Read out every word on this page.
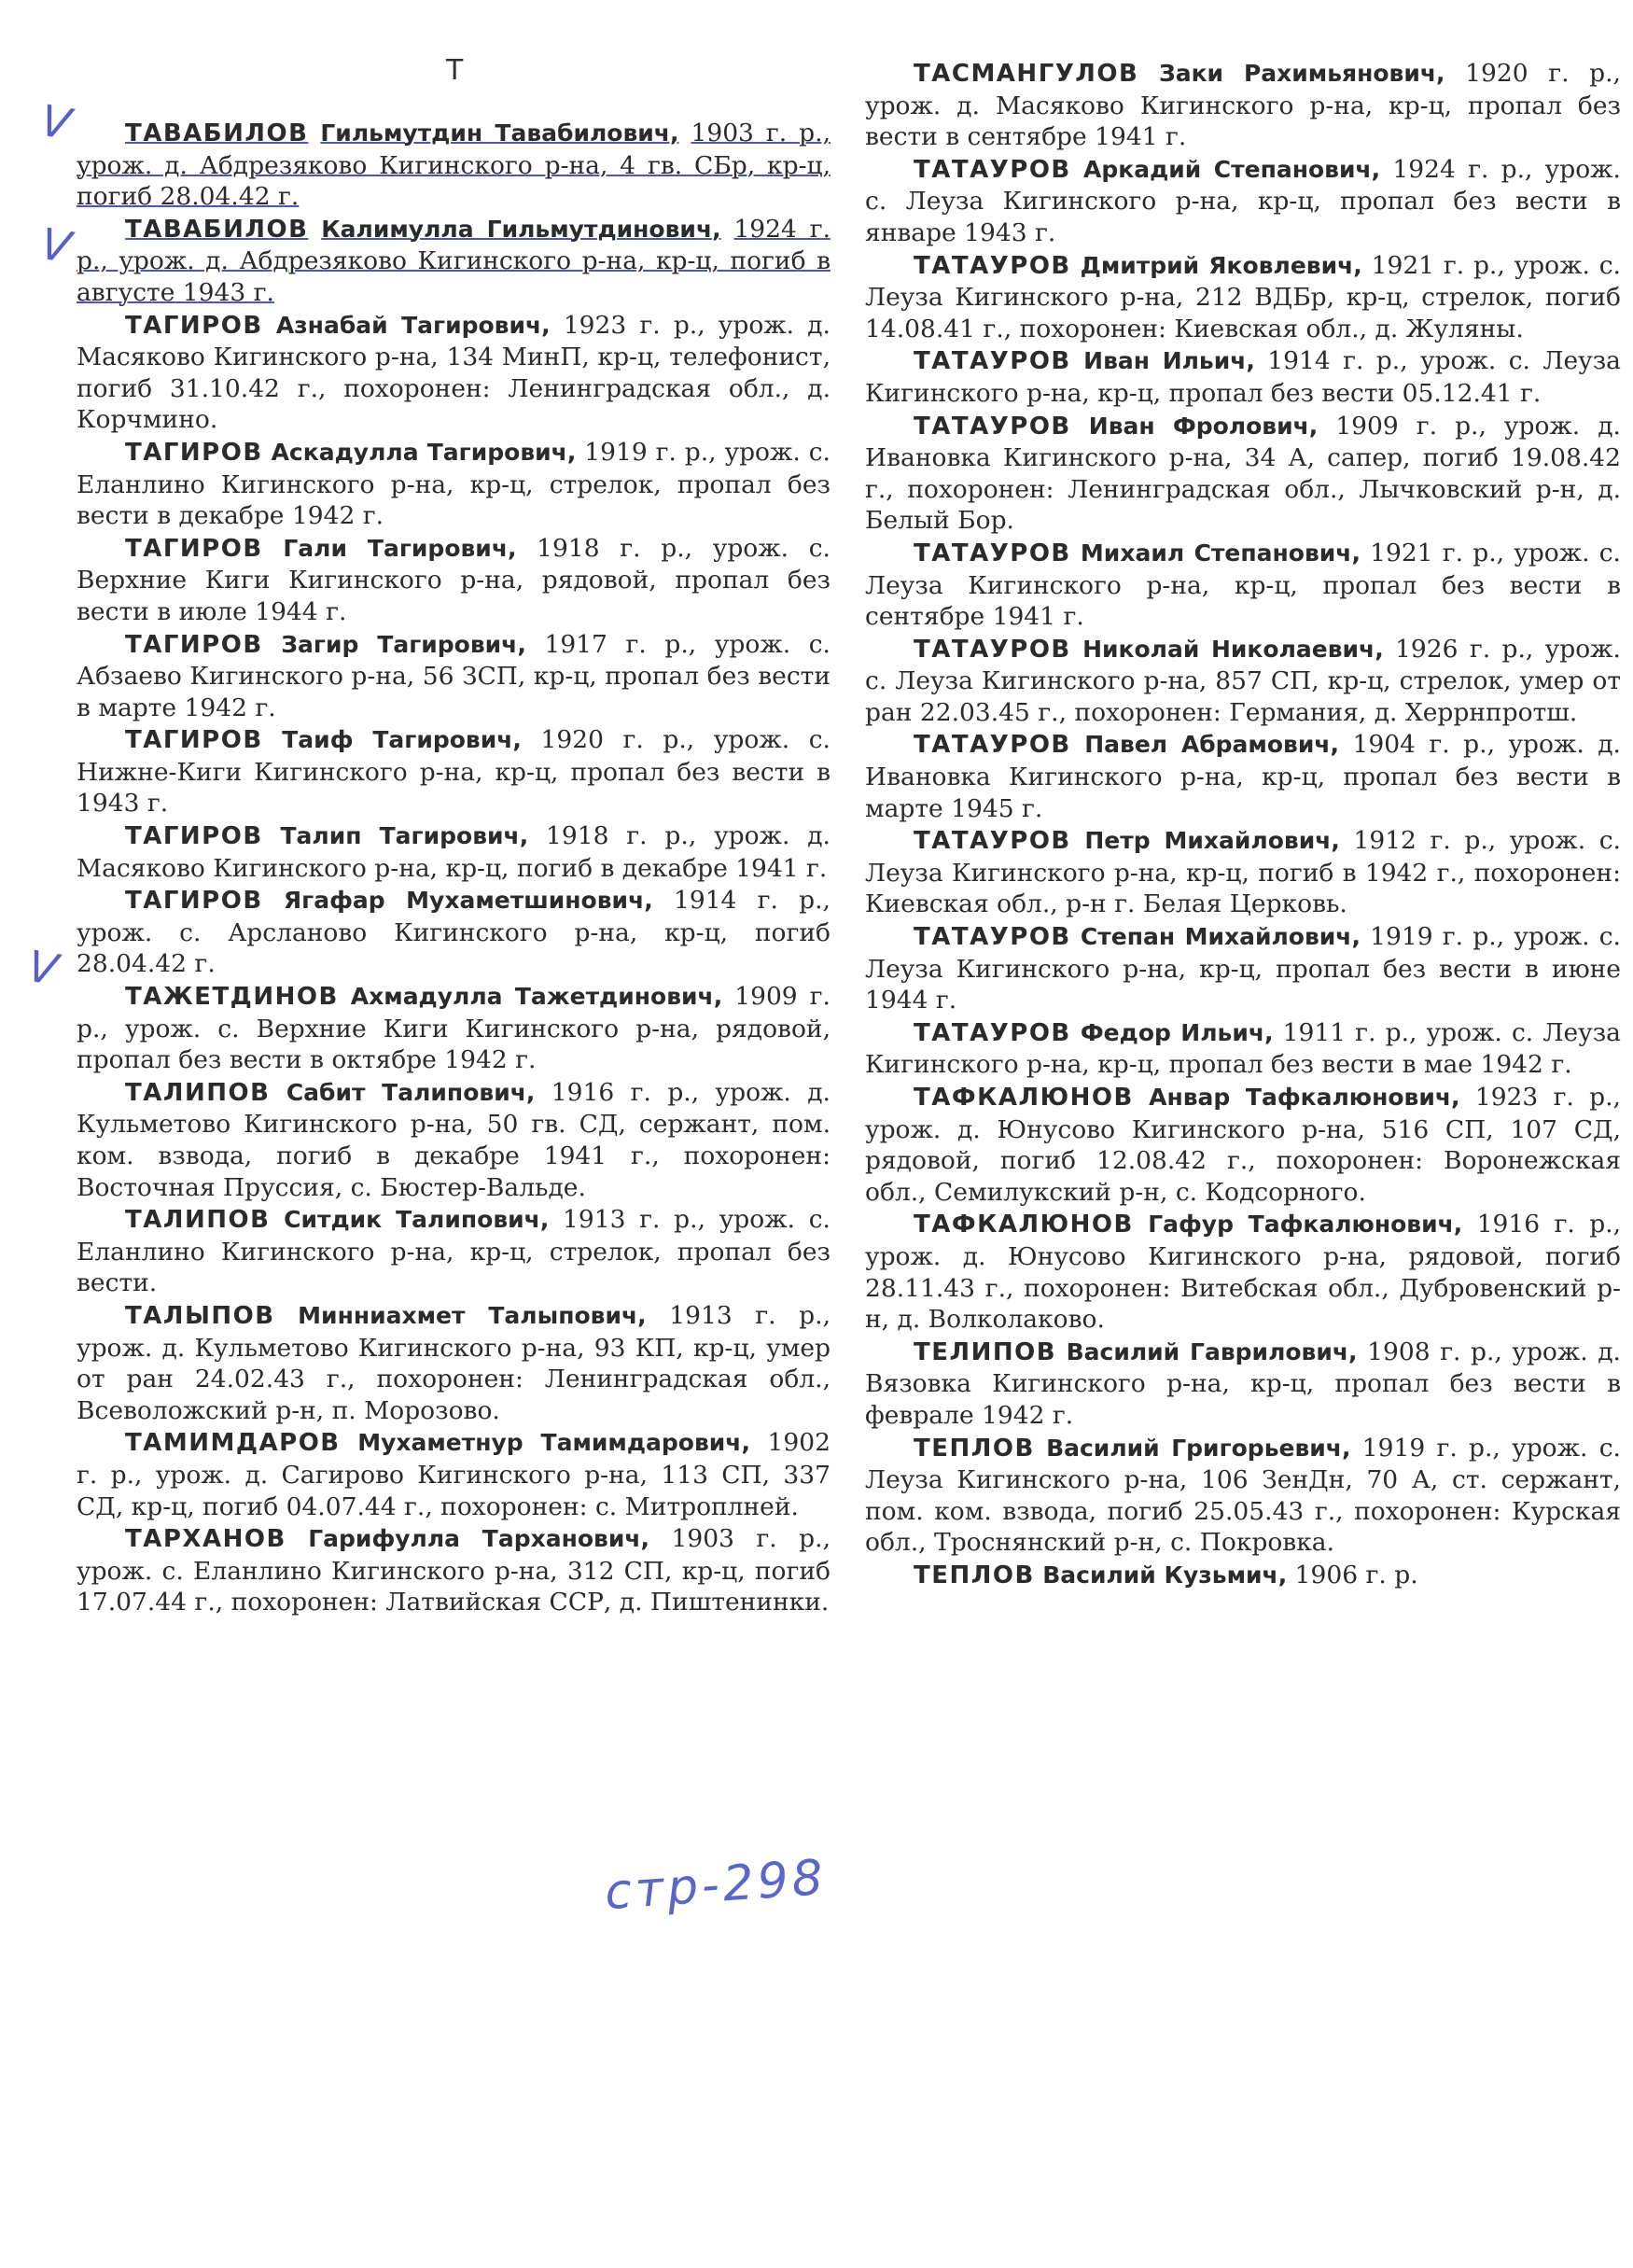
Т
V
V
V

ТАВАБИЛОВ Гильмутдин Тавабилович, 1903 г. р., урож. д. Абдрезяково Кигинского р-на, 4 гв. СБр, кр-ц, погиб 28.04.42 г.

ТАВАБИЛОВ Калимулла Гильмутдинович, 1924 г. р., урож. д. Абдрезяково Кигинского р-на, кр-ц, погиб в августе 1943 г.

ТАГИРОВ Азнабай Тагирович, 1923 г. р., урож. д. Масяково Кигинского р-на, 134 МинП, кр-ц, телефонист, погиб 31.10.42 г., похоронен: Ленинградская обл., д. Корчмино.

ТАГИРОВ Аскадулла Тагирович, 1919 г. р., урож. с. Еланлино Кигинского р-на, кр-ц, стрелок, пропал без вести в декабре 1942 г.

ТАГИРОВ Гали Тагирович, 1918 г. р., урож. с. Верхние Киги Кигинского р-на, рядовой, пропал без вести в июле 1944 г.

ТАГИРОВ Загир Тагирович, 1917 г. р., урож. с. Абзаево Кигинского р-на, 56 ЗСП, кр-ц, пропал без вести в марте 1942 г.

ТАГИРОВ Таиф Тагирович, 1920 г. р., урож. с. Нижне-Киги Кигинского р-на, кр-ц, пропал без вести в 1943 г.

ТАГИРОВ Талип Тагирович, 1918 г. р., урож. д. Масяково Кигинского р-на, кр-ц, погиб в декабре 1941 г.

ТАГИРОВ Ягафар Мухаметшинович, 1914 г. р., урож. с. Арсланово Кигинского р-на, кр-ц, погиб 28.04.42 г.

ТАЖЕТДИНОВ Ахмадулла Тажетдинович, 1909 г. р., урож. с. Верхние Киги Кигинского р-на, рядовой, пропал без вести в октябре 1942 г.

ТАЛИПОВ Сабит Талипович, 1916 г. р., урож. д. Кульметово Кигинского р-на, 50 гв. СД, сержант, пом. ком. взвода, погиб в декабре 1941 г., похоронен: Восточная Пруссия, с. Бюстер-Вальде.

ТАЛИПОВ Ситдик Талипович, 1913 г. р., урож. с. Еланлино Кигинского р-на, кр-ц, стрелок, пропал без вести.

ТАЛЫПОВ Минниахмет Талыпович, 1913 г. р., урож. д. Кульметово Кигинского р-на, 93 КП, кр-ц, умер от ран 24.02.43 г., похоронен: Ленинградская обл., Всеволожский р-н, п. Морозово.

ТАМИМДАРОВ Мухаметнур Тамимдарович, 1902 г. р., урож. д. Сагирово Кигинского р-на, 113 СП, 337 СД, кр-ц, погиб 04.07.44 г., похоронен: с. Митроплней.

ТАРХАНОВ Гарифулла Тарханович, 1903 г. р., урож. с. Еланлино Кигинского р-на, 312 СП, кр-ц, погиб 17.07.44 г., похоронен: Латвийская ССР, д. Пиштенинки.

ТАСМАНГУЛОВ Заки Рахимьянович, 1920 г. р., урож. д. Масяково Кигинского р-на, кр-ц, пропал без вести в сентябре 1941 г.

ТАТАУРОВ Аркадий Степанович, 1924 г. р., урож. с. Леуза Кигинского р-на, кр-ц, пропал без вести в январе 1943 г.

ТАТАУРОВ Дмитрий Яковлевич, 1921 г. р., урож. с. Леуза Кигинского р-на, 212 ВДБр, кр-ц, стрелок, погиб 14.08.41 г., похоронен: Киевская обл., д. Жуляны.

ТАТАУРОВ Иван Ильич, 1914 г. р., урож. с. Леуза Кигинского р-на, кр-ц, пропал без вести 05.12.41 г.

ТАТАУРОВ Иван Фролович, 1909 г. р., урож. д. Ивановка Кигинского р-на, 34 А, сапер, погиб 19.08.42 г., похоронен: Ленинградская обл., Лычковский р-н, д. Белый Бор.

ТАТАУРОВ Михаил Степанович, 1921 г. р., урож. с. Леуза Кигинского р-на, кр-ц, пропал без вести в сентябре 1941 г.

ТАТАУРОВ Николай Николаевич, 1926 г. р., урож. с. Леуза Кигинского р-на, 857 СП, кр-ц, стрелок, умер от ран 22.03.45 г., похоронен: Германия, д. Херрнпротш.

ТАТАУРОВ Павел Абрамович, 1904 г. р., урож. д. Ивановка Кигинского р-на, кр-ц, пропал без вести в марте 1945 г.

ТАТАУРОВ Петр Михайлович, 1912 г. р., урож. с. Леуза Кигинского р-на, кр-ц, погиб в 1942 г., похоронен: Киевская обл., р-н г. Белая Церковь.

ТАТАУРОВ Степан Михайлович, 1919 г. р., урож. с. Леуза Кигинского р-на, кр-ц, пропал без вести в июне 1944 г.

ТАТАУРОВ Федор Ильич, 1911 г. р., урож. с. Леуза Кигинского р-на, кр-ц, пропал без вести в мае 1942 г.

ТАФКАЛЮНОВ Анвар Тафкалюнович, 1923 г. р., урож. д. Юнусово Кигинского р-на, 516 СП, 107 СД, рядовой, погиб 12.08.42 г., похоронен: Воронежская обл., Семилукский р-н, с. Кодсорного.

ТАФКАЛЮНОВ Гафур Тафкалюнович, 1916 г. р., урож. д. Юнусово Кигинского р-на, рядовой, погиб 28.11.43 г., похоронен: Витебская обл., Дубровенский р-н, д. Волколаково.

ТЕЛИПОВ Василий Гаврилович, 1908 г. р., урож. д. Вязовка Кигинского р-на, кр-ц, пропал без вести в феврале 1942 г.

ТЕПЛОВ Василий Григорьевич, 1919 г. р., урож. с. Леуза Кигинского р-на, 106 ЗенДн, 70 А, ст. сержант, пом. ком. взвода, погиб 25.05.43 г., похоронен: Курская обл., Троснянский р-н, с. Покровка.

ТЕПЛОВ Василий Кузьмич, 1906 г. р.

стр-298
